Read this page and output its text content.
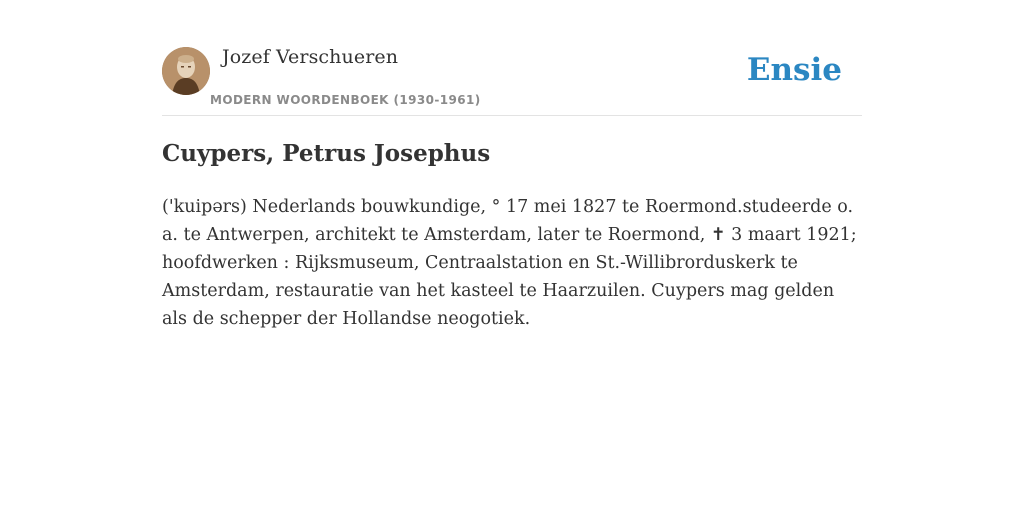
Jozef Verschueren
MODERN WOORDENBOEK (1930-1961)
Ensie
Cuypers, Petrus Josephus

('kuipərs) Nederlands bouwkundige, ° 17 mei 1827 te Roermond.studeerde o. a. te Antwerpen, architekt te Amsterdam, later te Roermond, ✝ 3 maart 1921; hoofdwerken : Rijksmuseum, Centraalstation en St.-Willibrorduskerk te Amsterdam, restauratie van het kasteel te Haarzuilen. Cuypers mag gelden als de schepper der Hollandse neogotiek.
